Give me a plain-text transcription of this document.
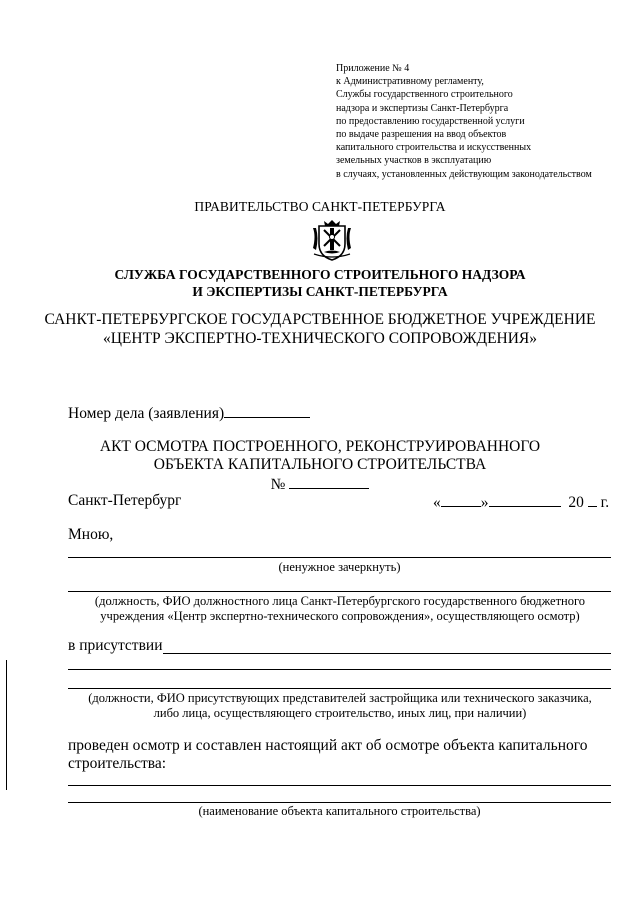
Приложение № 4
к Административному регламенту,
Службы государственного строительного
надзора и экспертизы Санкт-Петербурга
по предоставлению государственной услуги
по выдаче разрешения на ввод объектов
капитального строительства и искусственных
земельных участков в эксплуатацию
в случаях, установленных действующим законодательством
ПРАВИТЕЛЬСТВО САНКТ-ПЕТЕРБУРГА
СЛУЖБА ГОСУДАРСТВЕННОГО СТРОИТЕЛЬНОГО НАДЗОРА
И ЭКСПЕРТИЗЫ САНКТ-ПЕТЕРБУРГА
САНКТ-ПЕТЕРБУРГСКОЕ ГОСУДАРСТВЕННОЕ БЮДЖЕТНОЕ УЧРЕЖДЕНИЕ
«ЦЕНТР ЭКСПЕРТНО-ТЕХНИЧЕСКОГО СОПРОВОЖДЕНИЯ»
Номер дела (заявления)
АКТ ОСМОТРА ПОСТРОЕННОГО, РЕКОНСТРУИРОВАННОГО
ОБЪЕКТА КАПИТАЛЬНОГО СТРОИТЕЛЬСТВА
№
Санкт-Петербург	«	»	20 г.
Мною,
(ненужное зачеркнуть)
(должность, ФИО должностного лица Санкт-Петербургского государственного бюджетного
учреждения «Центр экспертно-технического сопровождения», осуществляющего осмотр)
в присутствии
(должности, ФИО присутствующих представителей застройщика или технического заказчика,
либо лица, осуществляющего строительство, иных лиц, при наличии)
проведен осмотр и составлен настоящий акт об осмотре объекта капитального строительства:
(наименование объекта капитального строительства)
